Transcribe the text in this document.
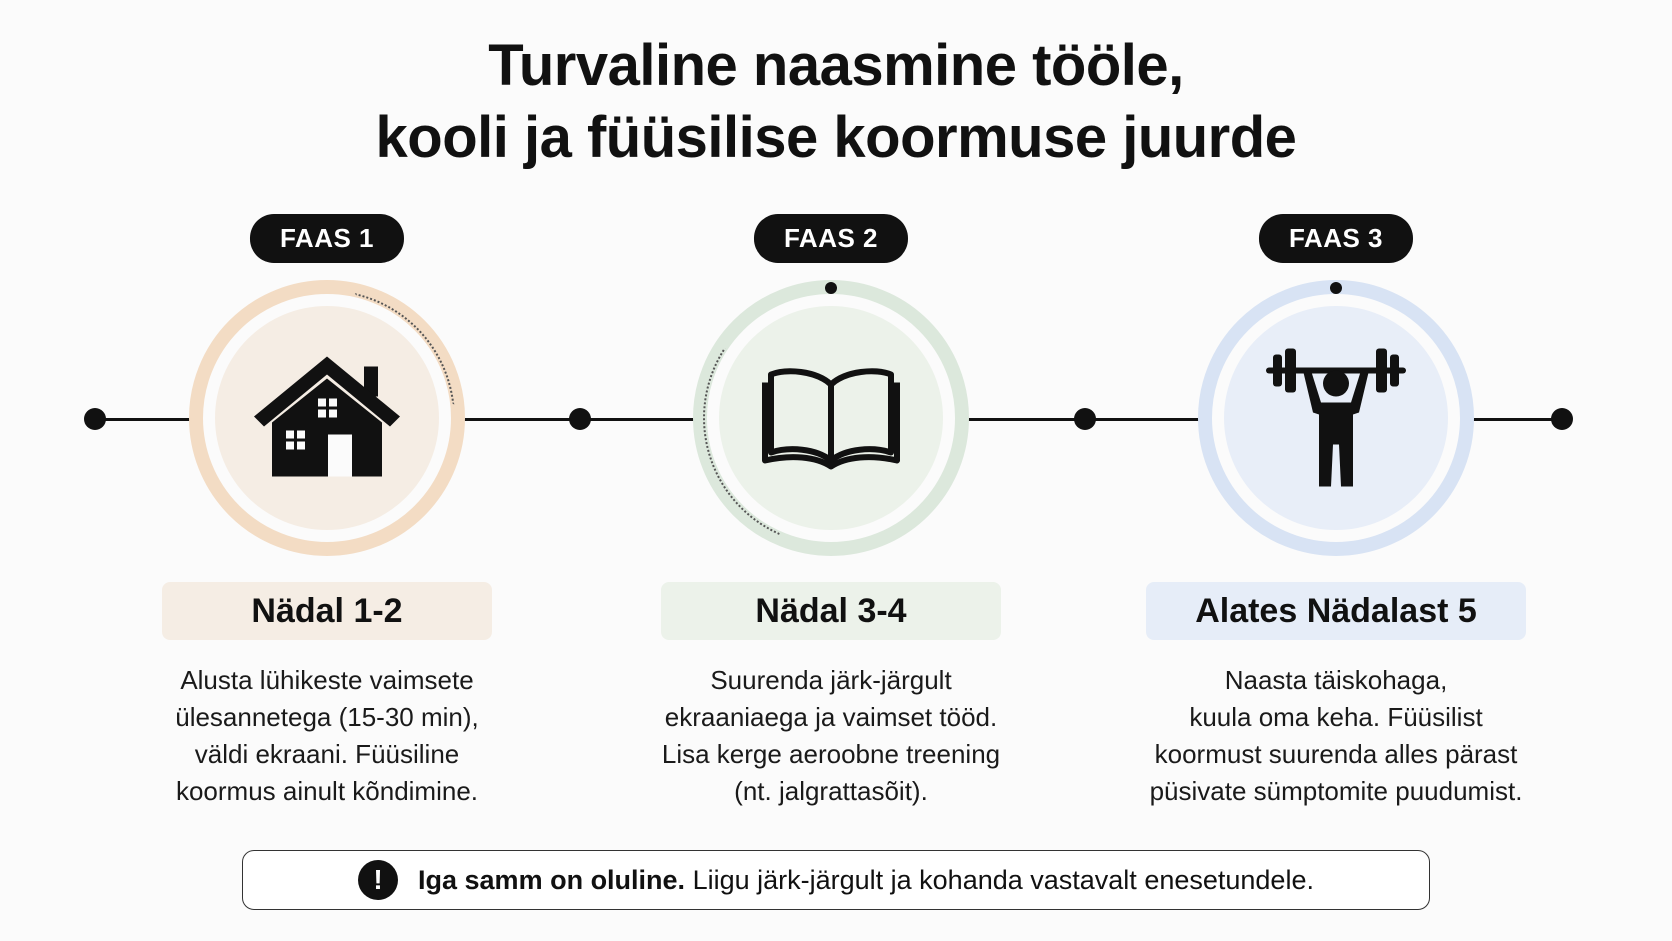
Turvaline naasmine tööle,
kooli ja füüsilise koormuse juurde
FAAS 1
Nädal 1-2
Alusta lühikeste vaimsete
ülesannetega (15-30 min),
väldi ekraani. Füüsiline
koormus ainult kõndimine.
FAAS 2
Nädal 3-4
Suurenda järk-järgult
ekraaniaega ja vaimset tööd.
Lisa kerge aeroobne treening
(nt. jalgrattasõit).
FAAS 3
Alates Nädalast 5
Naasta täiskohaga,
kuula oma keha. Füüsilist
koormust suurenda alles pärast
püsivate sümptomite puudumist.
!	Iga samm on oluline. Liigu järk-järgult ja kohanda vastavalt enesetundele.
